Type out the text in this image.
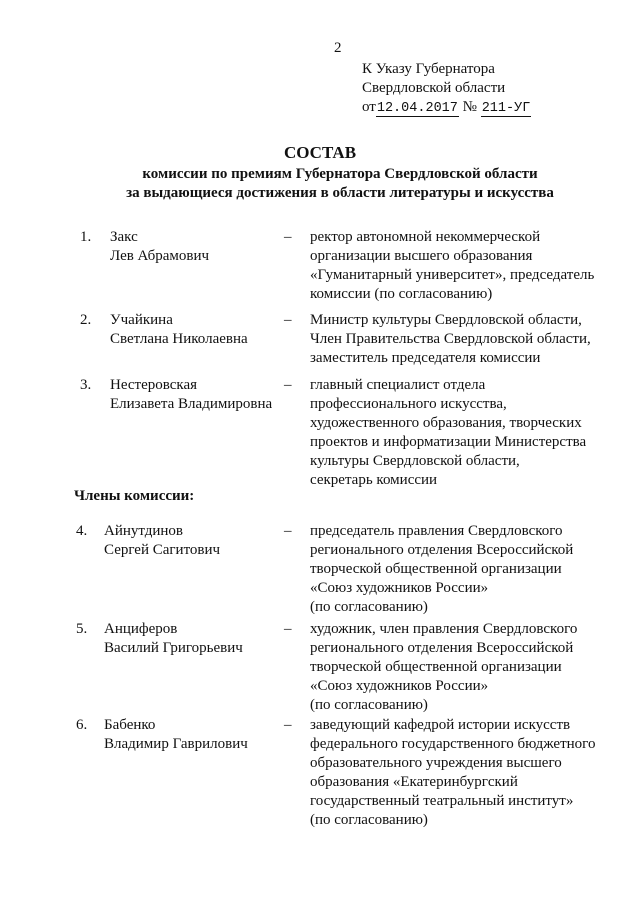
2
К Указу Губернатора
Свердловской области
от12.04.2017 № 211-УГ
СОСТАВ
комиссии по премиям Губернатора Свердловской области
за выдающиеся достижения в области литературы и искусства
1. Закс
Лев Абрамович
– ректор автономной некоммерческой
организации высшего образования
«Гуманитарный университет», председатель
комиссии (по согласованию)
2. Учайкина
Светлана Николаевна
– Министр культуры Свердловской области,
Член Правительства Свердловской области,
заместитель председателя комиссии
3. Нестеровская
Елизавета Владимировна
– главный специалист отдела
профессионального искусства,
художественного образования, творческих
проектов и информатизации Министерства
культуры Свердловской области,
секретарь комиссии
Члены комиссии:
4. Айнутдинов
Сергей Сагитович
– председатель правления Свердловского
регионального отделения Всероссийской
творческой общественной организации
«Союз художников России»
(по согласованию)
5. Анциферов
Василий Григорьевич
– художник, член правления Свердловского
регионального отделения Всероссийской
творческой общественной организации
«Союз художников России»
(по согласованию)
6. Бабенко
Владимир Гаврилович
– заведующий кафедрой истории искусств
федерального государственного бюджетного
образовательного учреждения высшего
образования «Екатеринбургский
государственный театральный институт»
(по согласованию)
